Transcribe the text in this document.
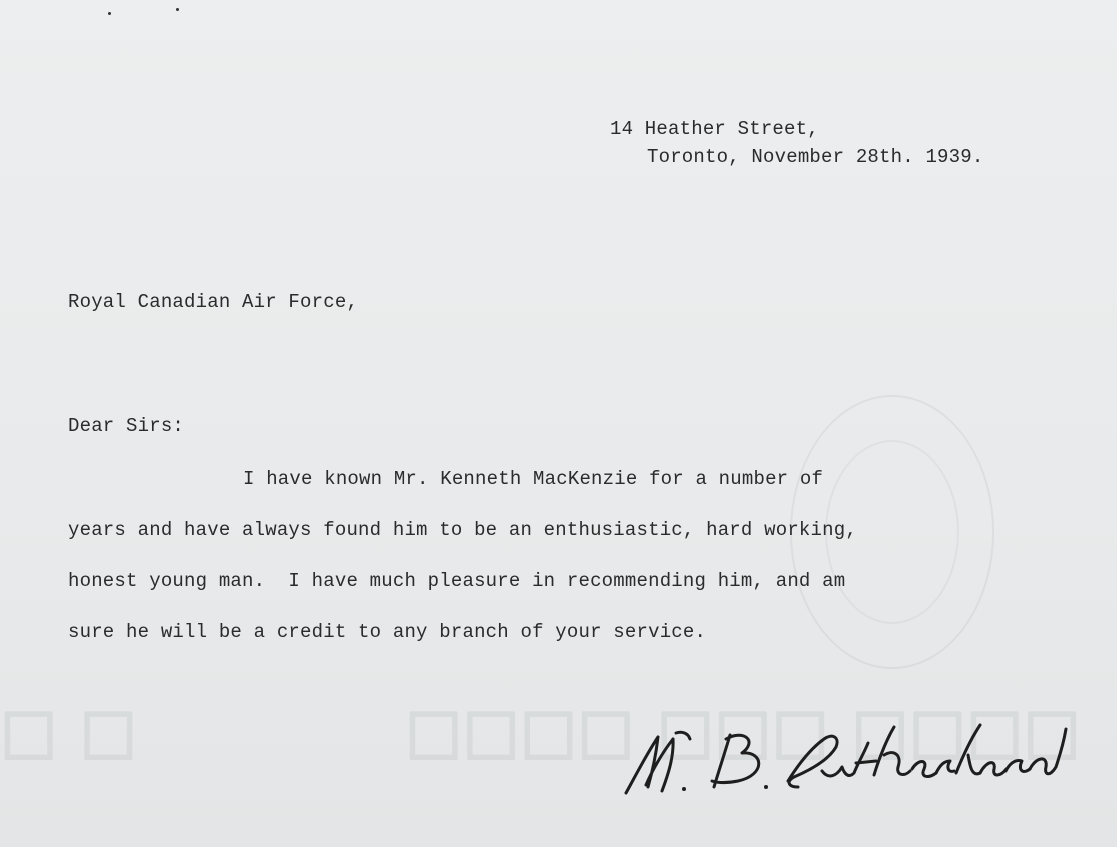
☐☐☐☐ ☐☐☐ ☐☐☐☐
☐ ☐
14 Heather Street,
Toronto, November 28th. 1939.
Royal Canadian Air Force,
Dear Sirs:
I have known Mr. Kenneth MacKenzie for a number of
years and have always found him to be an enthusiastic, hard working,
honest young man.  I have much pleasure in recommending him, and am
sure he will be a credit to any branch of your service.
